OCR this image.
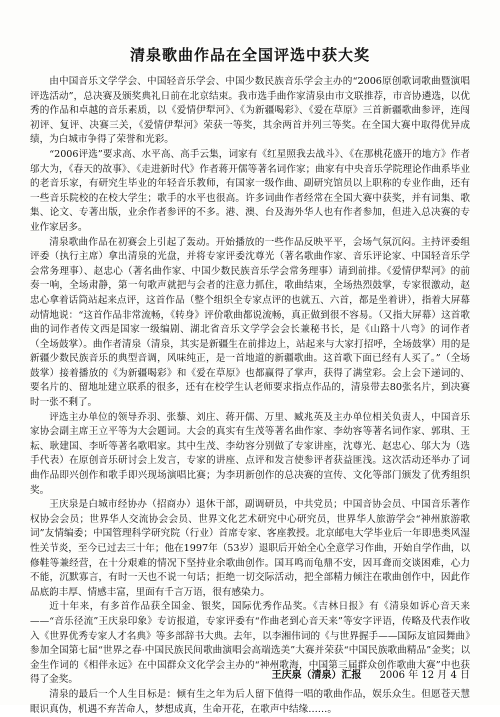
清泉歌曲作品在全国评选中获大奖

由中国音乐文学学会、中国轻音乐学会、中国少数民族音乐学会主办的“2006原创歌词歌曲暨演唱评选活动”，总决赛及颁奖典礼日前在北京结束。我市选手曲作家清泉由市文联推荐，市音协遴选，以优秀的作品和卓越的音乐素质，以《爱情伊犁河》、《为新疆喝彩》、《爱在草原》三首新疆歌曲参评，连闯初评、复评、决赛三关，《爱情伊犁河》荣获一等奖，其余两首并列三等奖。在全国大赛中取得优异成绩，为白城市争得了荣誉和光彩。

“2006评选”要求高、水平高、高手云集，词家有《红星照我去战斗》、《在那桃花盛开的地方》作者邬大为，《春天的故事》、《走进新时代》作者蒋开儒等著名词作家；曲家有中央音乐学院理论作曲系毕业的老音乐家，有研究生毕业的年轻音乐教师，有国家一级作曲、副研究馆员以上职称的专业作曲，还有一些音乐院校的在校大学生；歌手的水平也很高。许多词曲作者经常在全国大赛中获奖，并有词集、歌集、论文、专著出版，业余作者参评的不多。港、澳、台及海外华人也有作者参加，但进入总决赛的专业作家居多。

清泉歌曲作品在初赛会上引起了轰动。开始播放的一些作品反映平平，会场气氛沉闷。主持评委组评委（执行主席）拿出清泉的光盘，并将专家评委沈尊光（著名歌曲作家、音乐评论家、中国轻音乐学会常务理事）、赵忠心（著名曲作家、中国少数民族音乐学会常务理事）请到前排。《爱情伊犁河》的前奏一响，全场肃静，第一句歌声就把与会者的注意力抓住，歌曲结束，全场热烈鼓掌，专家很激动，赵忠心拿着话筒站起来点评，这首作品（整个组织全专家点评的也就五、六首，都是坐着讲），指着大屏幕动情地说：“这首作品非常流畅，《转身》评价歌曲都说流畅，真正做到很不容易。（又指大屏幕）这首歌曲的词作者传文西是国家一级编剧、湖北省音乐文学学会会长兼秘书长，是《山路十八弯》的词作者（全场鼓掌）。曲作者清泉（清泉，其实是新疆生在前排边上，站起来与大家打招呼，全场鼓掌）用的是新疆少数民族音乐的典型音调，风味纯正，是一首地道的新疆歌曲。这首歌下面已经有人买了。”（全场鼓掌）接着播放的《为新疆喝彩》和《爱在草原》也都赢得了掌声，获得了满堂彩。会上会下递词的、要名片的、留地址建立联系的很多，还有在校学生认老师要求指点作品的，清泉带去80张名片，到决赛时一张不剩了。

评选主办单位的领导乔羽、张藜、刘庄、蒋开儒、万里、臧兆英及主办单位相关负责人，中国音乐家协会副主席王立平等为大会题词。大会的真实有生茂等著名曲作家、李幼容等著名词作家、郭琪、王耘、耿建国、李昕等著名歌唱家。其中生茂、李幼容分别做了专家讲座，沈尊光、赵忠心、邬大为（选手代表）在原创音乐研讨会上发言，专家的讲座、点评和发言使参评者获益匪浅。这次活动还举办了词曲作品即兴创作和歌手即兴现场演唱比赛；为李玥新创作的总决赛的宣传、文化等部门颁发了优秀组织奖。

王庆泉是白城市经协办（招商办）退休干部，副调研员，中共党员；中国音协会员、中国音乐著作权协会会员；世界华人交流协会会员、世界文化艺术研究中心研究员，世界华人旅游学会“神州旅游歌词”友情编委；中国管理科学研究院（行业）首席专家、客座教授。北京邮电大学毕业后一年即患类风湿性关节炎，至今已过去三十年；他在1997年（53岁）退职后开始全心全意学习作曲，开始自学作曲，以修鞋等兼经营，在十分艰难的情况下坚持业余歌曲创作。国耳鸣而龟鼎不安，因耳聋而交谈困难，心力不能，沉默寡言，有时一天也不说一句话；拒绝一切交际活动，把全部精力倾注在歌曲创作中，因此作品底韵丰厚、情感丰富，里面有千言万语，很有感染力。

近十年来，有多首作品获全国金、银奖，国际优秀作品奖。《吉林日报》有《清泉如诉心音天来——“音乐径流”王庆泉印象》专访报道，专家评委有“作曲老到心音天来”等安字评语，传略及代表作收入《世界优秀专家人才名典》等多部辞书大典。去年，以李湘伟词的《与世界握手——国际友谊园舞曲》参加全国第七届“世界之春·中国民族民间歌曲演唱会高端选美”大赛并荣获“中国民族歌曲精品”金奖；以金生作词的《相伴永远》在中国群众文化学会主办的“神州歌海，中国第三届群众创作歌曲大赛”中也获得了金奖。

清泉的最后一个人生目标是：倾有生之年为后人留下值得一唱的歌曲作品，娱乐众生。但愿苍天慧眼识真伪，机遇不弃苦命人，梦想成真，生命开花，在歌声中结缘……。

王庆泉（清泉）汇报 2006 年 12 月 4 日
